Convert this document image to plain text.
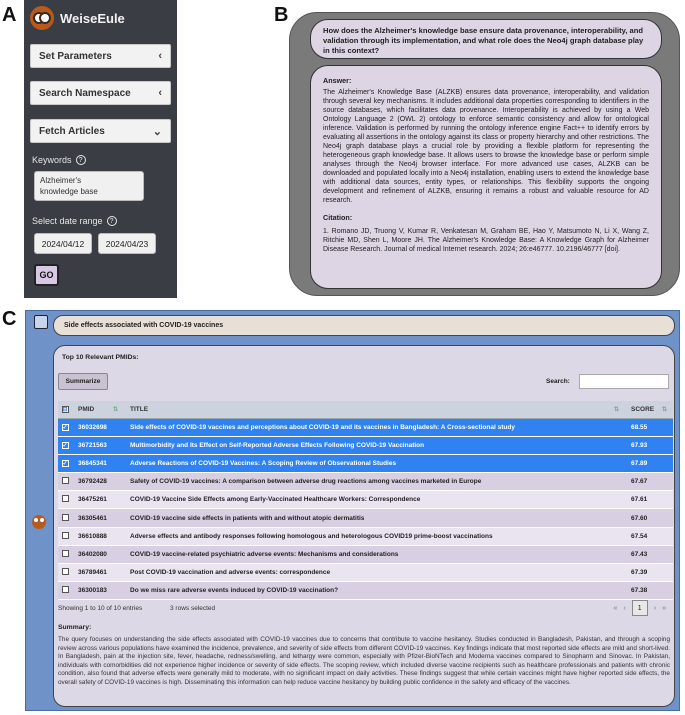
A	B
C
WeiseEule
Set Parameters	‹
Search Namespace	‹
Fetch Articles	⌄
Keywords	?
Alzheimer's
knowledge base
Select date range	?
2024/04/12	2024/04/23
GO
How does the Alzheimer's knowledge base ensure data provenance, interoperability, and validation through its implementation, and what role does the Neo4j graph database play in this context?
Answer:
The Alzheimer's Knowledge Base (ALZKB) ensures data provenance, interoperability, and validation through several key mechanisms. It includes additional data properties corresponding to identifiers in the source databases, which facilitates data provenance. Interoperability is achieved by using a Web Ontology Language 2 (OWL 2) ontology to enforce semantic consistency and allow for ontological inference. Validation is performed by running the ontology inference engine Fact++ to identify errors by evaluating all assertions in the ontology against its class or property hierarchy and other restrictions. The Neo4j graph database plays a crucial role by providing a flexible platform for representing the heterogeneous graph knowledge base. It allows users to browse the knowledge base or perform simple analyses through the Neo4j browser interface. For more advanced use cases, ALZKB can be downloaded and populated locally into a Neo4j installation, enabling users to extend the knowledge base with additional data sources, entity types, or relationships. This flexibility supports the ongoing development and refinement of ALZKB, ensuring it remains a robust and valuable resource for AD research.
Citation:
1. Romano JD, Truong V, Kumar R, Venkatesan M, Graham BE, Hao Y, Matsumoto N, Li X, Wang Z, Ritchie MD, Shen L, Moore JH. The Alzheimer's Knowledge Base: A Knowledge Graph for Alzheimer Disease Research. Journal of medical Internet research. 2024; 26:e46777. 10.2196/46777 [doi].
Side effects associated with COVID-19 vaccines
Top 10 Relevant PMIDs:
Summarize	Search:
⊟	PMID ⇅	TITLE ⇅	SCORE ⇅

✓	36032698	Side effects of COVID-19 vaccines and perceptions about COVID-19 and its vaccines in Bangladesh: A Cross-sectional study	68.55
✓	36721563	Multimorbidity and Its Effect on Self-Reported Adverse Effects Following COVID-19 Vaccination	67.93
✓	36845341	Adverse Reactions of COVID-19 Vaccines: A Scoping Review of Observational Studies	67.89
	36792428	Safety of COVID-19 vaccines: A comparison between adverse drug reactions among vaccines marketed in Europe	67.67
	36475261	COVID-19 Vaccine Side Effects among Early-Vaccinated Healthcare Workers: Correspondence	67.61
	36305461	COVID-19 vaccine side effects in patients with and without atopic dermatitis	67.60
	36610888	Adverse effects and antibody responses following homologous and heterologous COVID19 prime-boost vaccinations	67.54
	36402080	COVID-19 vaccine-related psychiatric adverse events: Mechanisms and considerations	67.43
	36789461	Post COVID-19 vaccination and adverse events: correspondence	67.39
	36300183	Do we miss rare adverse events induced by COVID-19 vaccination?	67.38
Showing 1 to 10 of 10 entries	3 rows selected	« ‹	1	› »
Summary:
The query focuses on understanding the side effects associated with COVID-19 vaccines due to concerns that contribute to vaccine hesitancy. Studies conducted in Bangladesh, Pakistan, and through a scoping review across various populations have examined the incidence, prevalence, and severity of side effects from different COVID-19 vaccines. Key findings indicate that most reported side effects are mild and short-lived. In Bangladesh, pain at the injection site, fever, headache, redness/swelling, and lethargy were common, especially with Pfizer-BioNTech and Moderna vaccines compared to Sinopharm and Sinovac. In Pakistan, individuals with comorbidities did not experience higher incidence or severity of side effects. The scoping review, which included diverse vaccine recipients such as healthcare professionals and patients with chronic condition, also found that adverse effects were generally mild to moderate, with no significant impact on daily activities. These findings suggest that while certain vaccines might have higher reported side effects, the overall safety of COVID-19 vaccines is high. Disseminating this information can help reduce vaccine hesitancy by building public confidence in the safety and efficacy of the vaccines.
